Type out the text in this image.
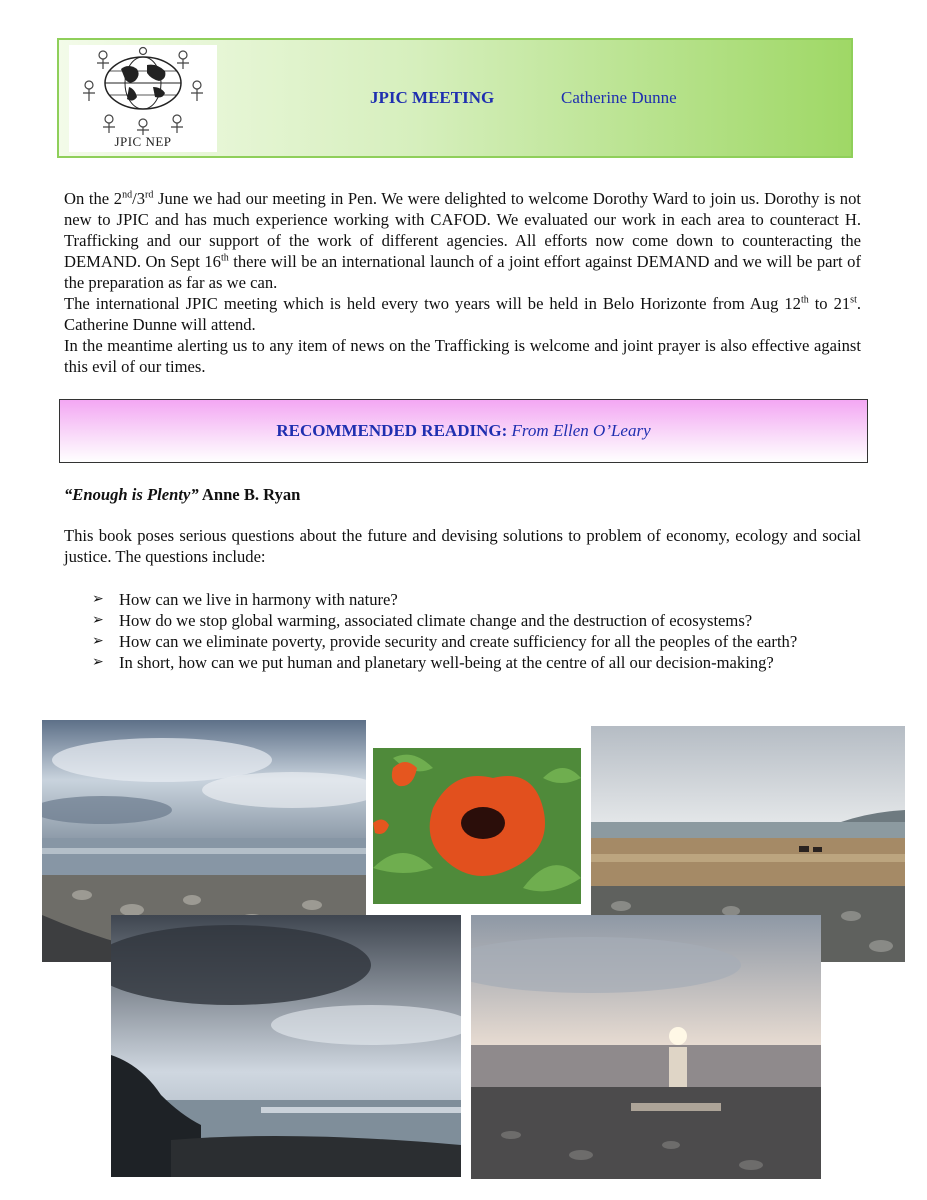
JPIC NEP
JPIC MEETING	Catherine Dunne

On the 2nd/3rd June we had our meeting in Pen. We were delighted to welcome Dorothy Ward to join us. Dorothy is not new to JPIC and has much experience working with CAFOD. We evaluated our work in each area to counteract H. Trafficking and our support of the work of different agencies. All efforts now come down to counteracting the DEMAND. On Sept 16th there will be an international launch of a joint effort against DEMAND and we will be part of the preparation as far as we can.

The international JPIC meeting which is held every two years will be held in Belo Horizonte from Aug 12th to 21st. Catherine Dunne will attend.

In the meantime alerting us to any item of news on the Trafficking is welcome and joint prayer is also effective against this evil of our times.

RECOMMENDED READING: From Ellen O’Leary
“Enough is Plenty” Anne B. Ryan

This book poses serious questions about the future and devising solutions to problem of economy, ecology and social justice. The questions include:

➢ How can we live in harmony with nature?
➢ How do we stop global warming, associated climate change and the destruction of ecosystems?
➢ How can we eliminate poverty, provide security and create sufficiency for all the peoples of the earth?
➢ In short, how can we put human and planetary well-being at the centre of all our decision-making?
